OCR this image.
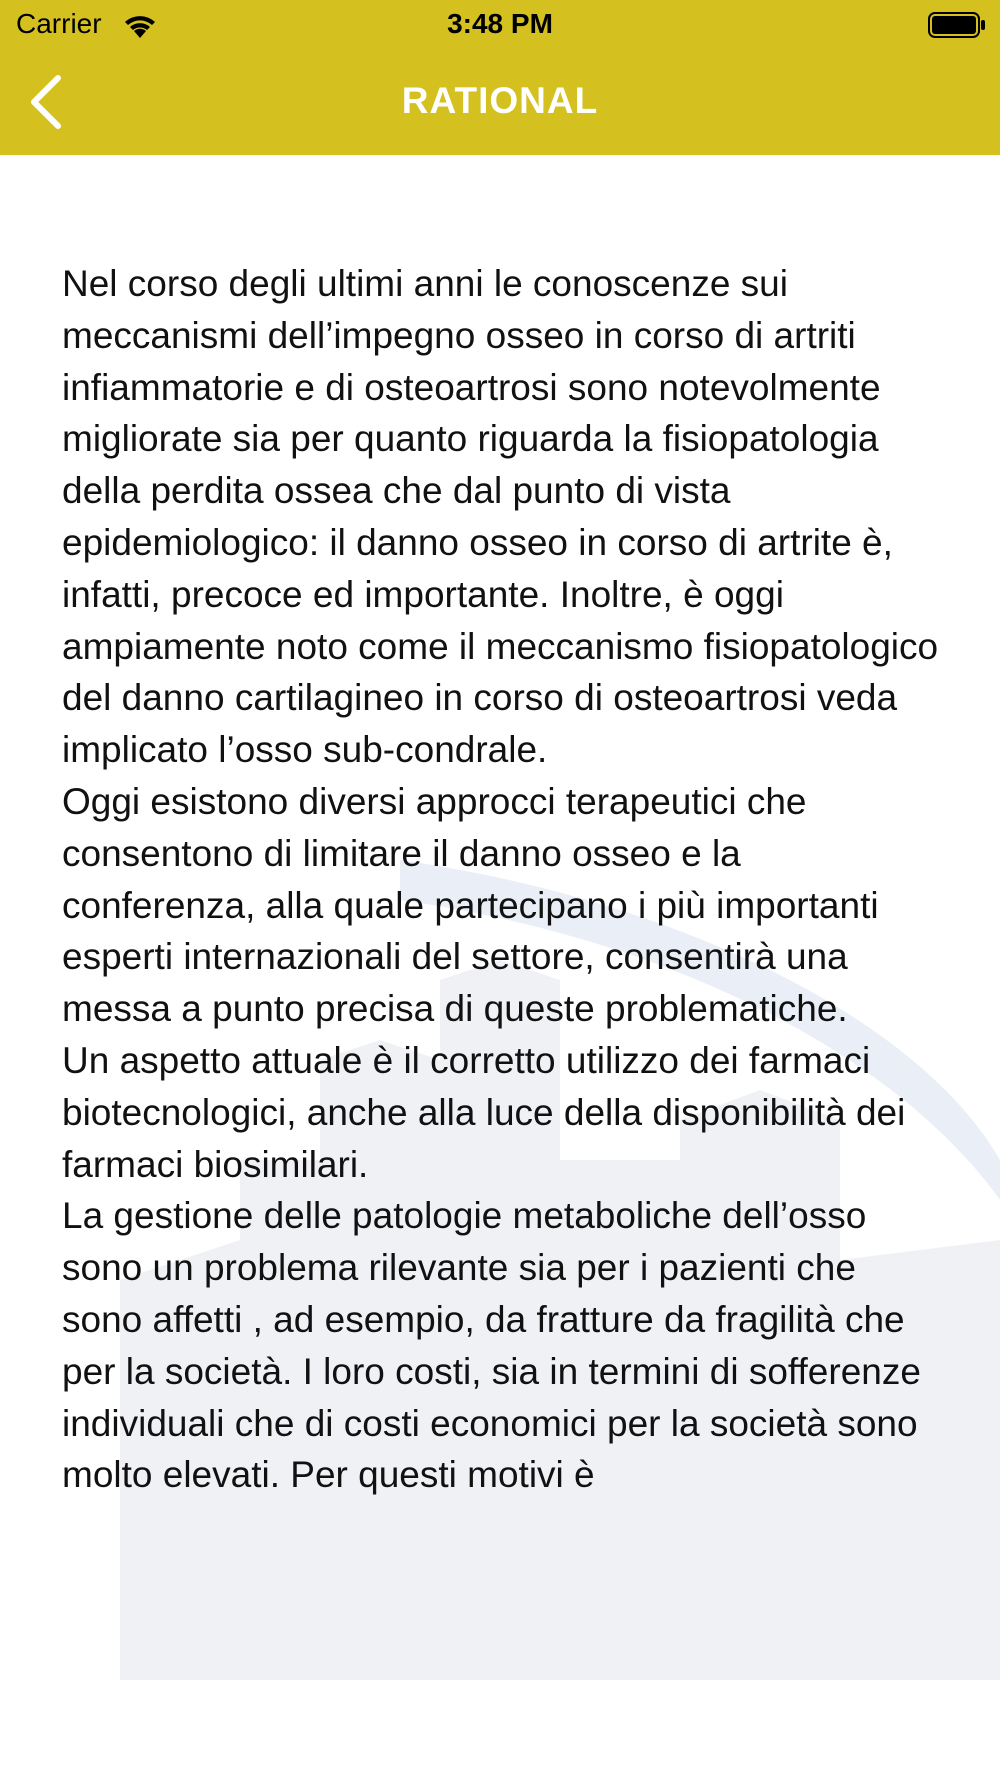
Carrier	3:48 PM
RATIONAL

Nel corso degli ultimi anni le conoscenze sui meccanismi dell’impegno osseo in corso di artriti infiammatorie e di osteoartrosi sono notevolmente migliorate sia per quanto riguarda la fisiopatologia della perdita ossea che dal punto di vista epidemiologico: il danno osseo in corso di artrite è, infatti, precoce ed importante. Inoltre, è oggi ampiamente noto come il meccanismo fisiopatologico del danno cartilagineo in corso di osteoartrosi veda implicato l’osso sub-condrale.

Oggi esistono diversi approcci terapeutici che consentono di limitare il danno osseo e la conferenza, alla quale partecipano i più importanti esperti internazionali del settore, consentirà una messa a punto precisa di queste problematiche.

Un aspetto attuale è il corretto utilizzo dei farmaci biotecnologici, anche alla luce della disponibilità dei farmaci biosimilari.

La gestione delle patologie metaboliche dell’osso sono un problema rilevante sia per i pazienti che sono affetti , ad esempio, da fratture da fragilità che per la società. I loro costi, sia in termini di sofferenze individuali che di costi economici per la società sono molto elevati. Per questi motivi è
